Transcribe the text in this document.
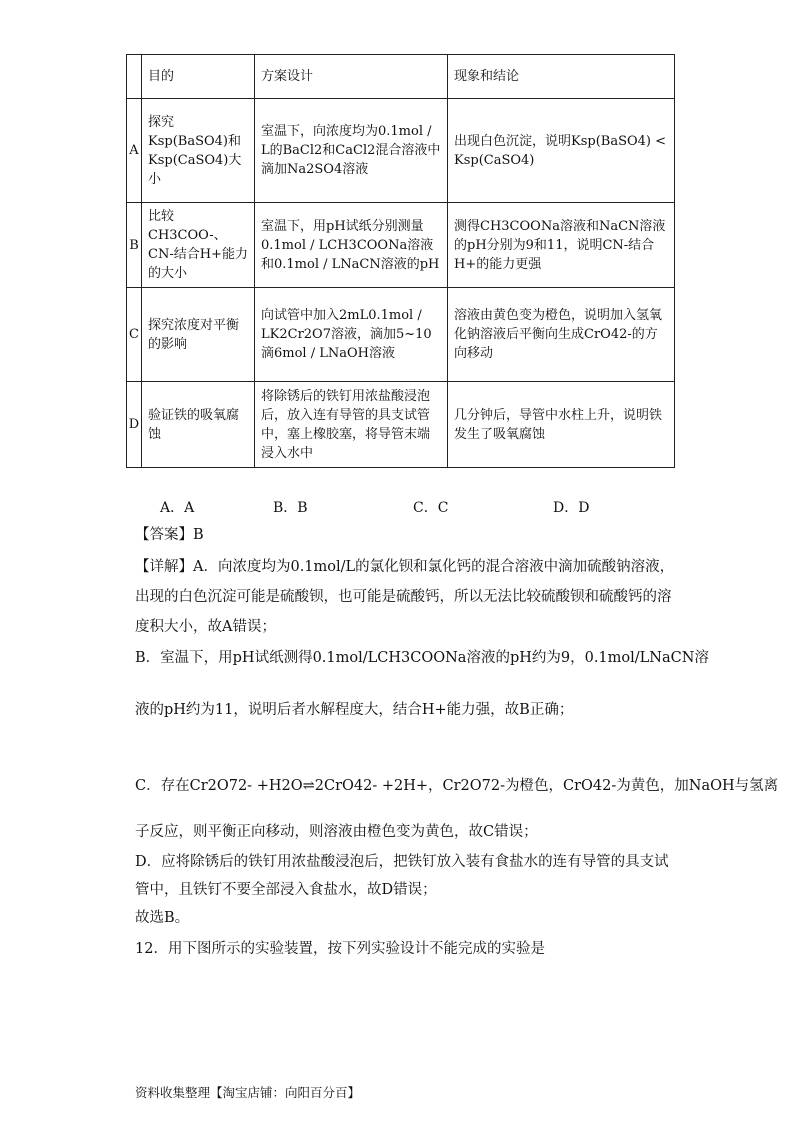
	目的	方案设计	现象和结论
A	探究Ksp(BaSO4)和Ksp(CaSO4)大小	室温下，向浓度均为0.1mol / L的BaCl2和CaCl2混合溶液中滴加Na2SO4溶液	出现白色沉淀，说明Ksp(BaSO4) < Ksp(CaSO4)
B	比较CH3COO-、CN-结合H+能力的大小	室温下，用pH试纸分别测量0.1mol / LCH3COONa溶液和0.1mol / LNaCN溶液的pH	测得CH3COONa溶液和NaCN溶液的pH分别为9和11，说明CN-结合H+的能力更强
C	探究浓度对平衡的影响	向试管中加入2mL0.1mol / LK2Cr2O7溶液，滴加5~10滴6mol / LNaOH溶液	溶液由黄色变为橙色，说明加入氢氧化钠溶液后平衡向生成CrO42-的方向移动
D	验证铁的吸氧腐蚀	将除锈后的铁钉用浓盐酸浸泡后，放入连有导管的具支试管中，塞上橡胶塞，将导管末端浸入水中	几分钟后，导管中水柱上升，说明铁发生了吸氧腐蚀
A．A	B．B	C．C	D．D
【答案】B
【详解】A．向浓度均为0.1mol/L的氯化钡和氯化钙的混合溶液中滴加硫酸钠溶液，
出现的白色沉淀可能是硫酸钡，也可能是硫酸钙，所以无法比较硫酸钡和硫酸钙的溶
度积大小，故A错误；
B．室温下，用pH试纸测得0.1mol/LCH3COONa溶液的pH约为9，0.1mol/LNaCN溶
液的pH约为11，说明后者水解程度大，结合H+能力强，故B正确；
C．存在Cr2O72- +H2O⇌2CrO42- +2H+，Cr2O72-为橙色，CrO42-为黄色，加NaOH与氢离
子反应，则平衡正向移动，则溶液由橙色变为黄色，故C错误；
D．应将除锈后的铁钉用浓盐酸浸泡后，把铁钉放入装有食盐水的连有导管的具支试
管中，且铁钉不要全部浸入食盐水，故D错误；
故选B。
12．用下图所示的实验装置，按下列实验设计不能完成的实验是
资料收集整理【淘宝店铺：向阳百分百】
